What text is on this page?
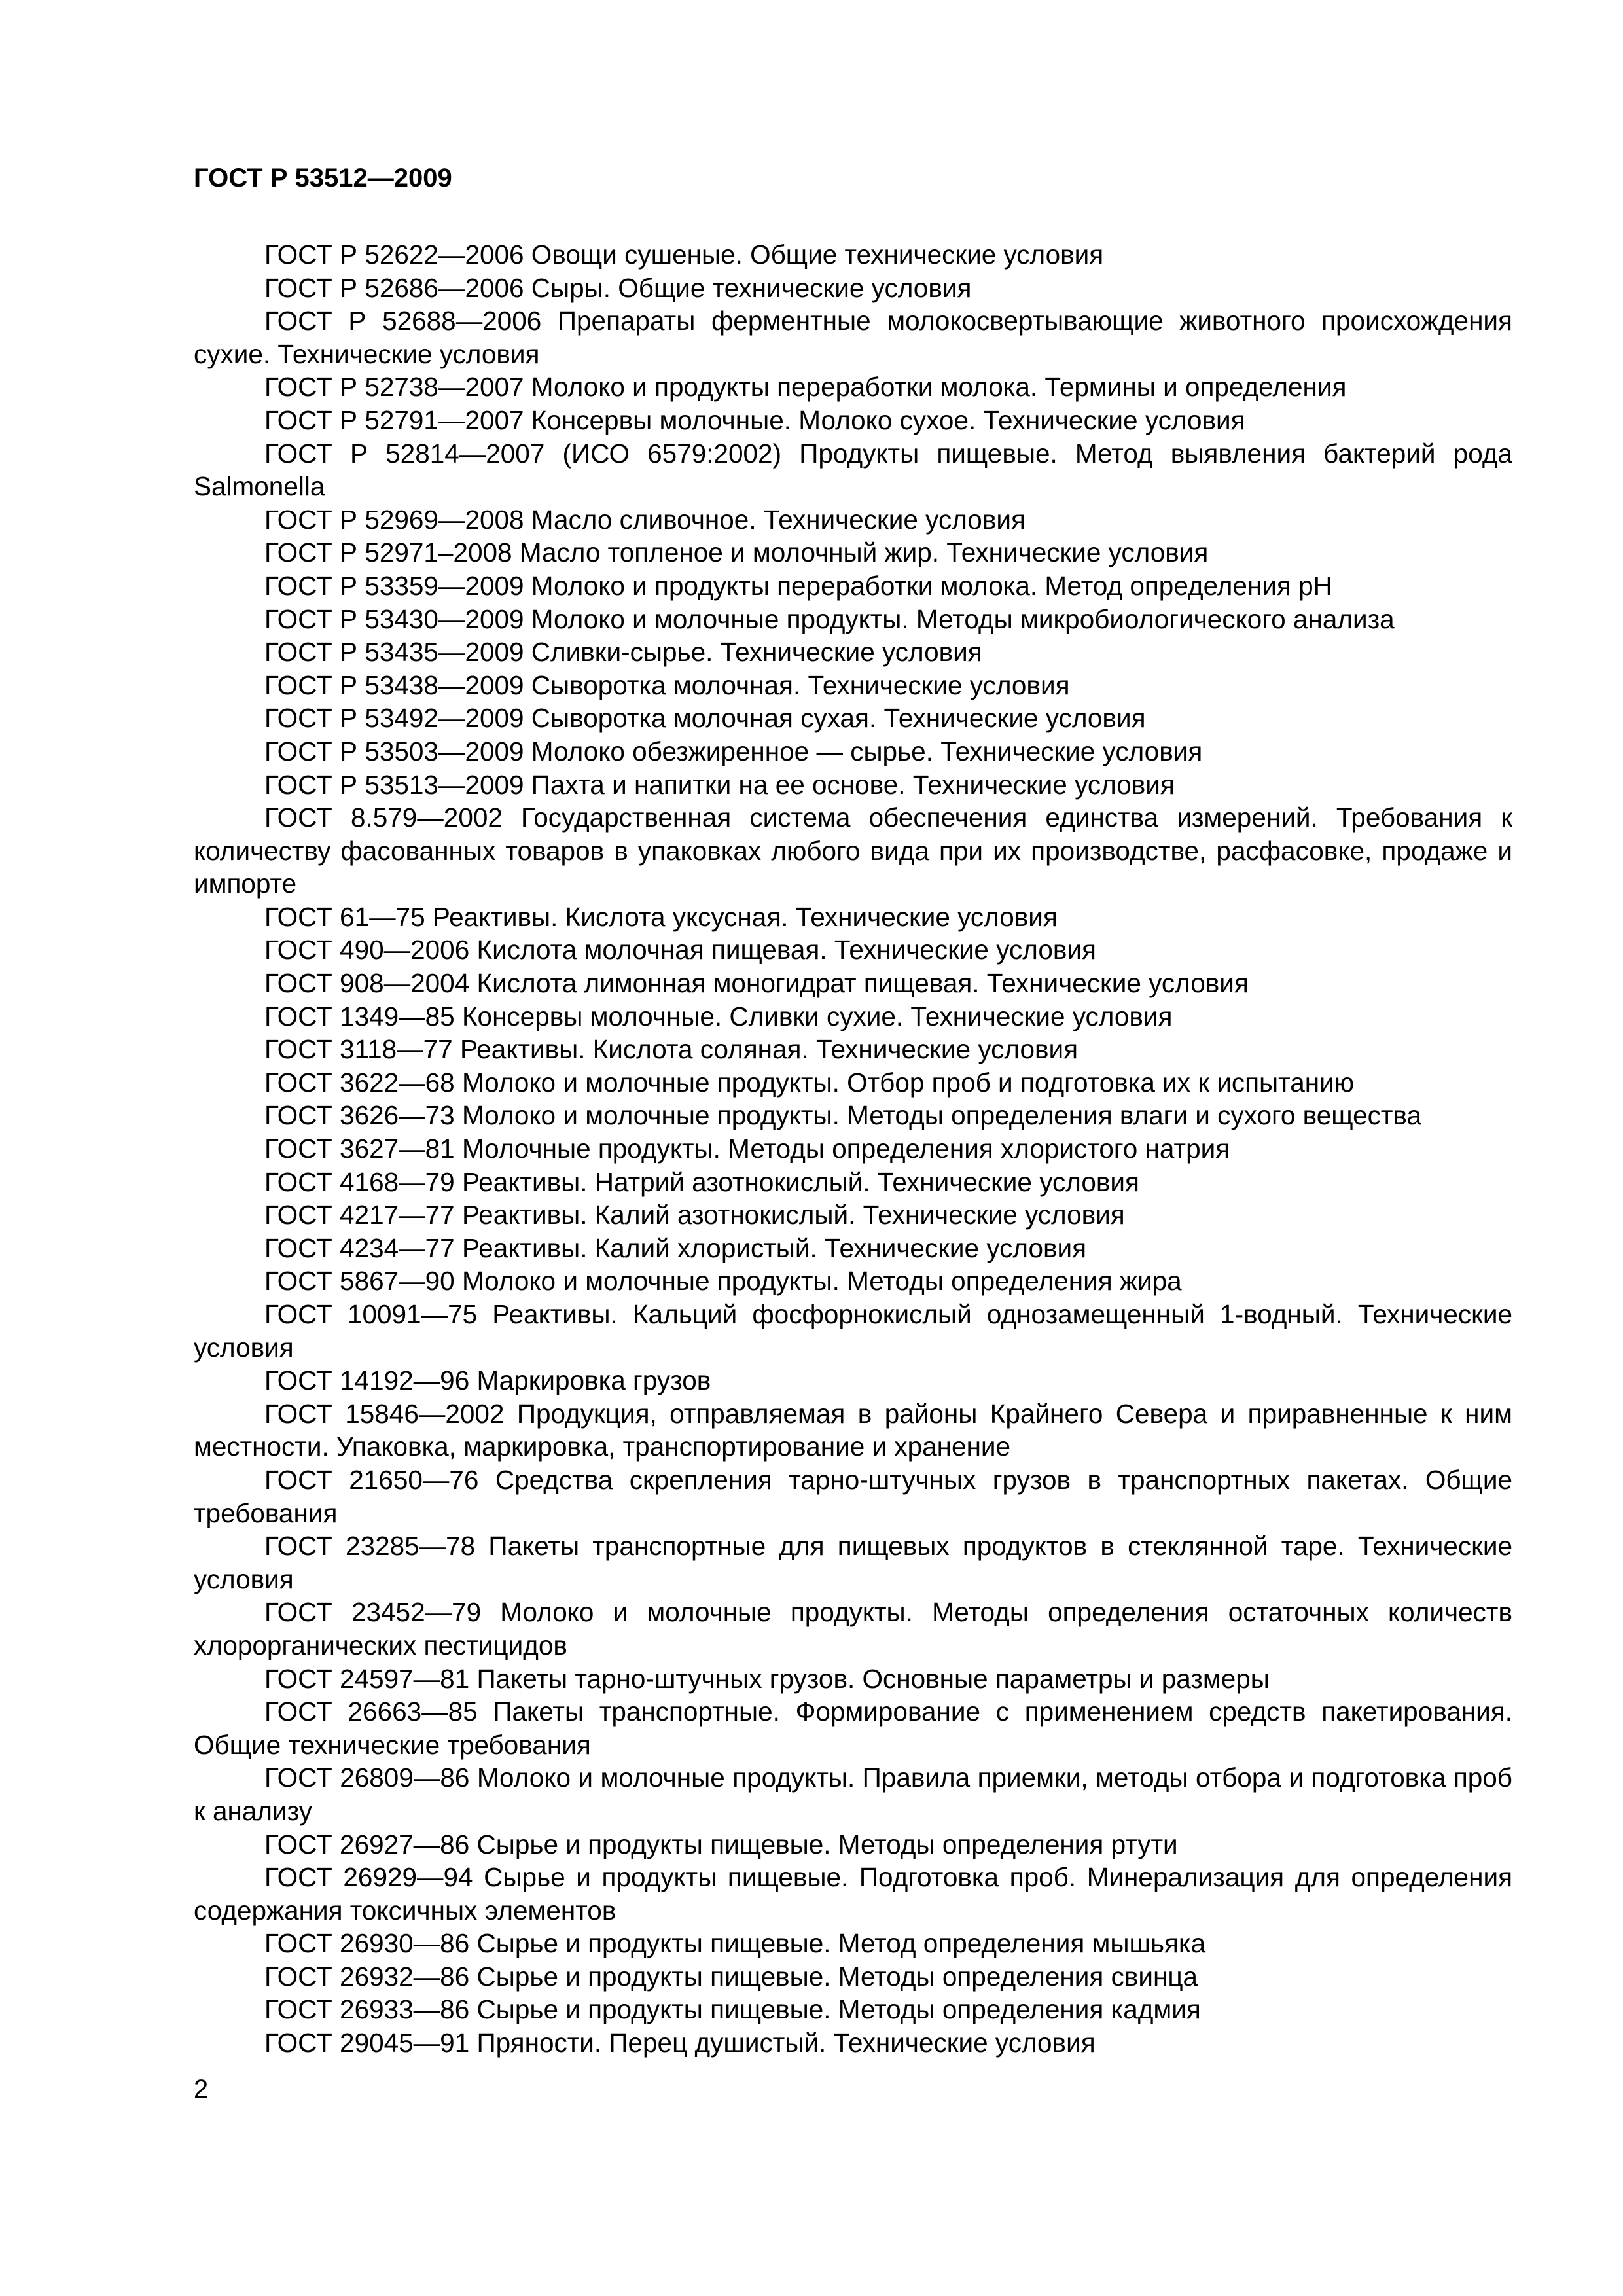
ГОСТ Р 53512—2009
ГОСТ Р 52622—2006 Овощи сушеные. Общие технические условия
ГОСТ Р 52686—2006 Сыры. Общие технические условия
ГОСТ Р 52688—2006 Препараты ферментные молокосвертывающие животного происхождения сухие. Технические условия
ГОСТ Р 52738—2007 Молоко и продукты переработки молока. Термины и определения
ГОСТ Р 52791—2007 Консервы молочные. Молоко сухое. Технические условия
ГОСТ Р 52814—2007 (ИСО 6579:2002) Продукты пищевые. Метод выявления бактерий рода Salmonella
ГОСТ Р 52969—2008 Масло сливочное. Технические условия
ГОСТ Р 52971–2008 Масло топленое и молочный жир. Технические условия
ГОСТ Р 53359—2009 Молоко и продукты переработки молока. Метод определения pH
ГОСТ Р 53430—2009 Молоко и молочные продукты. Методы микробиологического анализа
ГОСТ Р 53435—2009 Сливки-сырье. Технические условия
ГОСТ Р 53438—2009 Сыворотка молочная. Технические условия
ГОСТ Р 53492—2009 Сыворотка молочная сухая. Технические условия
ГОСТ Р 53503—2009 Молоко обезжиренное — сырье. Технические условия
ГОСТ Р 53513—2009 Пахта и напитки на ее основе. Технические условия
ГОСТ 8.579—2002 Государственная система обеспечения единства измерений. Требования к количеству фасованных товаров в упаковках любого вида при их производстве, расфасовке, продаже и импорте
ГОСТ 61—75 Реактивы. Кислота уксусная. Технические условия
ГОСТ 490—2006 Кислота молочная пищевая. Технические условия
ГОСТ 908—2004 Кислота лимонная моногидрат пищевая. Технические условия
ГОСТ 1349—85 Консервы молочные. Сливки сухие. Технические условия
ГОСТ 3118—77 Реактивы. Кислота соляная. Технические условия
ГОСТ 3622—68 Молоко и молочные продукты. Отбор проб и подготовка их к испытанию
ГОСТ 3626—73 Молоко и молочные продукты. Методы определения влаги и сухого вещества
ГОСТ 3627—81 Молочные продукты. Методы определения хлористого натрия
ГОСТ 4168—79 Реактивы. Натрий азотнокислый. Технические условия
ГОСТ 4217—77 Реактивы. Калий азотнокислый. Технические условия
ГОСТ 4234—77 Реактивы. Калий хлористый. Технические условия
ГОСТ 5867—90 Молоко и молочные продукты. Методы определения жира
ГОСТ 10091—75 Реактивы. Кальций фосфорнокислый однозамещенный 1-водный. Технические условия
ГОСТ 14192—96 Маркировка грузов
ГОСТ 15846—2002 Продукция, отправляемая в районы Крайнего Севера и приравненные к ним местности. Упаковка, маркировка, транспортирование и хранение
ГОСТ 21650—76 Средства скрепления тарно-штучных грузов в транспортных пакетах. Общие требования
ГОСТ 23285—78 Пакеты транспортные для пищевых продуктов в стеклянной таре. Технические условия
ГОСТ 23452—79 Молоко и молочные продукты. Методы определения остаточных количеств хлорорганических пестицидов
ГОСТ 24597—81 Пакеты тарно-штучных грузов. Основные параметры и размеры
ГОСТ 26663—85 Пакеты транспортные. Формирование с применением средств пакетирования. Общие технические требования
ГОСТ 26809—86 Молоко и молочные продукты. Правила приемки, методы отбора и подготовка проб к анализу
ГОСТ 26927—86 Сырье и продукты пищевые. Методы определения ртути
ГОСТ 26929—94 Сырье и продукты пищевые. Подготовка проб. Минерализация для определения содержания токсичных элементов
ГОСТ 26930—86 Сырье и продукты пищевые. Метод определения мышьяка
ГОСТ 26932—86 Сырье и продукты пищевые. Методы определения свинца
ГОСТ 26933—86 Сырье и продукты пищевые. Методы определения кадмия
ГОСТ 29045—91 Пряности. Перец душистый. Технические условия
2
